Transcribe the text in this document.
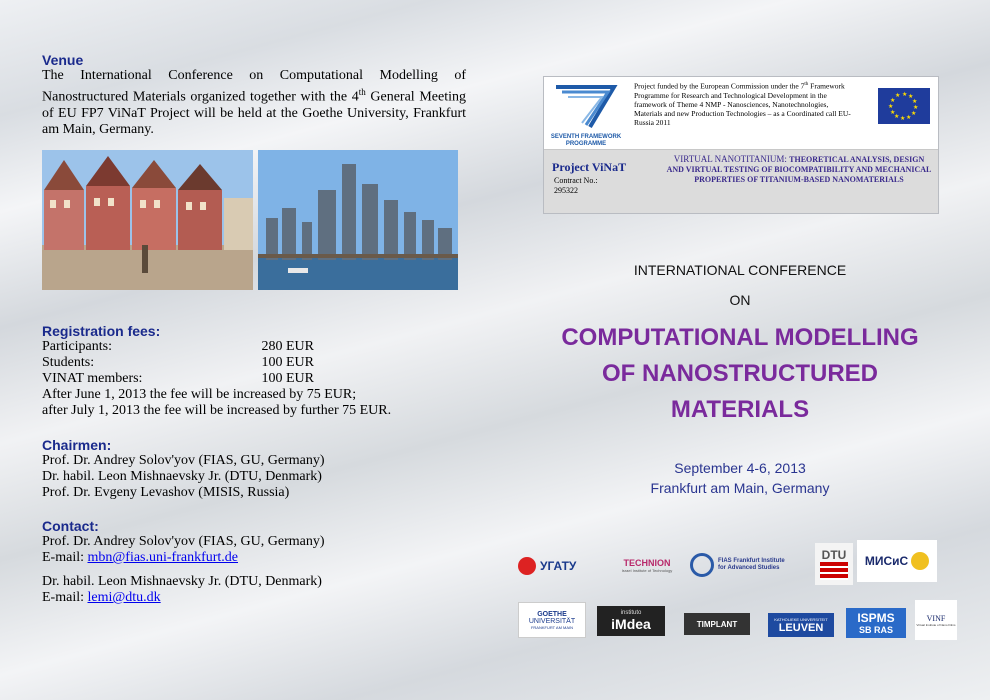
Venue

The International Conference on Computational Modelling of Nanostructured Materials organized together with the 4th General Meeting of EU FP7 ViNaT Project will be held at the Goethe University, Frankfurt am Main, Germany.

Registration fees:

Participants:	280 EUR
Students:	100 EUR
VINAT members:	100 EUR

After June 1, 2013 the fee will be increased by 75 EUR;

after July 1, 2013 the fee will be increased by further 75 EUR.

Chairmen:

Prof. Dr. Andrey Solov'yov (FIAS, GU, Germany)

Dr. habil. Leon Mishnaevsky Jr. (DTU, Denmark)

Prof. Dr. Evgeny Levashov (MISIS, Russia)

Contact:

Prof. Dr. Andrey Solov'yov (FIAS, GU, Germany)

E-mail: mbn@fias.uni-frankfurt.de

Dr. habil. Leon Mishnaevsky Jr. (DTU, Denmark)

E-mail: lemi@dtu.dk

SEVENTH FRAMEWORK
PROGRAMME
Project funded by the European Commission under the 7th Framework Programme for Research and Technological Development in the framework of Theme 4 NMP - Nanosciences, Nanotechnologies, Materials and new Production Technologies – as a Coordinated call EU-Russia 2011
★ ★
★
★
★
★
★
★
★
★
★
★
Project ViNaT
Contract No.:
295322
VIRTUAL NANOTITANIUM: THEORETICAL ANALYSIS, DESIGN AND VIRTUAL TESTING OF BIOCOMPATIBILITY AND MECHANICAL PROPERTIES OF TITANIUM-BASED NANOMATERIALS
INTERNATIONAL CONFERENCE
ON
COMPUTATIONAL MODELLING
OF NANOSTRUCTURED
MATERIALS
September 4-6, 2013
Frankfurt am Main, Germany
УГАТУ	TECHNION
Israel Institute of Technology
FIAS Frankfurt Institute
for Advanced Studies
DTU МИСиС
GOETHE
UNIVERSITÄT
FRANKFURT AM MAIN
instituto
iMdea	TIMPLANT
KATHOLIEKE UNIVERSITEIT
LEUVEN
ISPMS
SB RAS
VINF
Virtual Institute of Nano Films
